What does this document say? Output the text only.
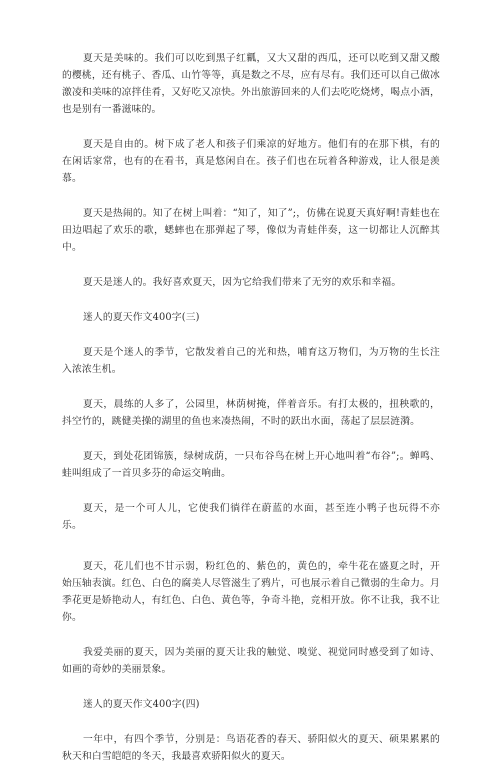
夏天是美味的。我们可以吃到黑子红瓤，又大又甜的西瓜，还可以吃到又甜又酸的樱桃，还有桃子、香瓜、山竹等等，真是数之不尽，应有尽有。我们还可以自己做冰激凌和美味的凉拌佳肴，又好吃又凉快。外出旅游回来的人们去吃吃烧烤，喝点小酒，也是别有一番滋味的。

夏天是自由的。树下成了老人和孩子们乘凉的好地方。他们有的在那下棋，有的在闲话家常，也有的在看书，真是悠闲自在。孩子们也在玩着各种游戏，让人很是羡慕。

夏天是热闹的。知了在树上叫着：“知了，知了”;，仿佛在说夏天真好啊!青蛙也在田边唱起了欢乐的歌，蟋蟀也在那弹起了琴，像似为青蛙伴奏，这一切都让人沉醉其中。

夏天是迷人的。我好喜欢夏天，因为它给我们带来了无穷的欢乐和幸福。

迷人的夏天作文400字(三)

夏天是个迷人的季节，它散发着自己的光和热，哺育这万物们，为万物的生长注入浓浓生机。

夏天，晨练的人多了，公园里，林荫树掩，伴着音乐。有打太极的，扭秧歌的，抖空竹的，跳健美操的湖里的鱼也来凑热闹，不时的跃出水面，荡起了层层涟漪。

夏天，到处花团锦簇，绿树成荫，一只布谷鸟在树上开心地叫着“布谷”;。蝉鸣、蛙叫组成了一首贝多芬的命运交响曲。

夏天，是一个可人儿，它使我们徜徉在蔚蓝的水面，甚至连小鸭子也玩得不亦乐。

夏天，花儿们也不甘示弱，粉红色的、紫色的，黄色的，牵牛花在盛夏之时，开始压轴表演。红色、白色的腐美人尽管滋生了鸦片，可也展示着自己微弱的生命力。月季花更是娇艳动人，有红色、白色、黄色等，争奇斗艳，竞相开放。你不让我，我不让你。

我爱美丽的夏天，因为美丽的夏天让我的触觉、嗅觉、视觉同时感受到了如诗、如画的奇妙的美丽景象。

迷人的夏天作文400字(四)

一年中，有四个季节，分别是：鸟语花香的春天、骄阳似火的夏天、硕果累累的秋天和白雪皑皑的冬天，我最喜欢骄阳似火的夏天。
